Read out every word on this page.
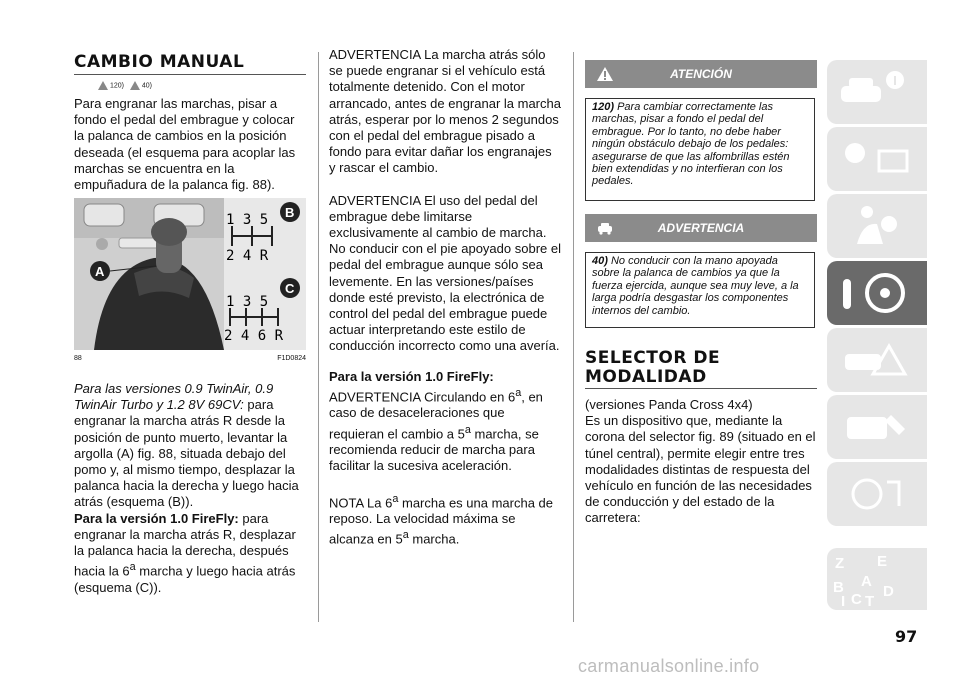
CAMBIO MANUAL
120)	40)

Para engranar las marchas, pisar a fondo el pedal del embrague y colocar la palanca de cambios en la posición deseada (el esquema para acoplar las marchas se encuentra en la empuñadura de la palanca fig. 88).

1 3 5
2 4 R
1 3 5
2 4 6 R
B
C
A
88	F1D0824

Para las versiones 0.9 TwinAir, 0.9 TwinAir Turbo y 1.2 8V 69CV: para engranar la marcha atrás R desde la posición de punto muerto, levantar la argolla (A) fig. 88, situada debajo del pomo y, al mismo tiempo, desplazar la palanca hacia la derecha y luego hacia atrás (esquema (B)).

Para la versión 1.0 FireFly: para engranar la marcha atrás R, desplazar la palanca hacia la derecha, después hacia la 6$^a$ marcha y luego hacia atrás (esquema (C)).

ADVERTENCIA La marcha atrás sólo se puede engranar si el vehículo está totalmente detenido. Con el motor arrancado, antes de engranar la marcha atrás, esperar por lo menos 2 segundos con el pedal del embrague pisado a fondo para evitar dañar los engranajes y rascar el cambio.

ADVERTENCIA El uso del pedal del embrague debe limitarse exclusivamente al cambio de marcha. No conducir con el pie apoyado sobre el pedal del embrague aunque sólo sea levemente. En las versiones/países donde esté previsto, la electrónica de control del pedal del embrague puede actuar interpretando este estilo de conducción incorrecto como una avería.

Para la versión 1.0 FireFly:

ADVERTENCIA Circulando en 6$^a$, en caso de desaceleraciones que requieran el cambio a 5$^a$ marcha, se recomienda reducir de marcha para facilitar la sucesiva aceleración.

NOTA La 6$^a$ marcha es una marcha de reposo. La velocidad máxima se alcanza en 5$^a$ marcha.

ATENCIÓN
120) Para cambiar correctamente las marchas, pisar a fondo el pedal del embrague. Por lo tanto, no debe haber ningún obstáculo debajo de los pedales: asegurarse de que las alfombrillas estén bien extendidas y no interfieran con los pedales.
ADVERTENCIA
40) No conducir con la mano apoyada sobre la palanca de cambios ya que la fuerza ejercida, aunque sea muy leve, a la larga podría desgastar los componentes internos del cambio.
SELECTOR DE
MODALIDAD

(versiones Panda Cross 4x4)

Es un dispositivo que, mediante la corona del selector fig. 89 (situado en el túnel central), permite elegir entre tres modalidades distintas de respuesta del vehículo en función de las necesidades de conducción y del estado de la carretera:

Z E
B A
I C T
D
97
carmanualsonline.info
